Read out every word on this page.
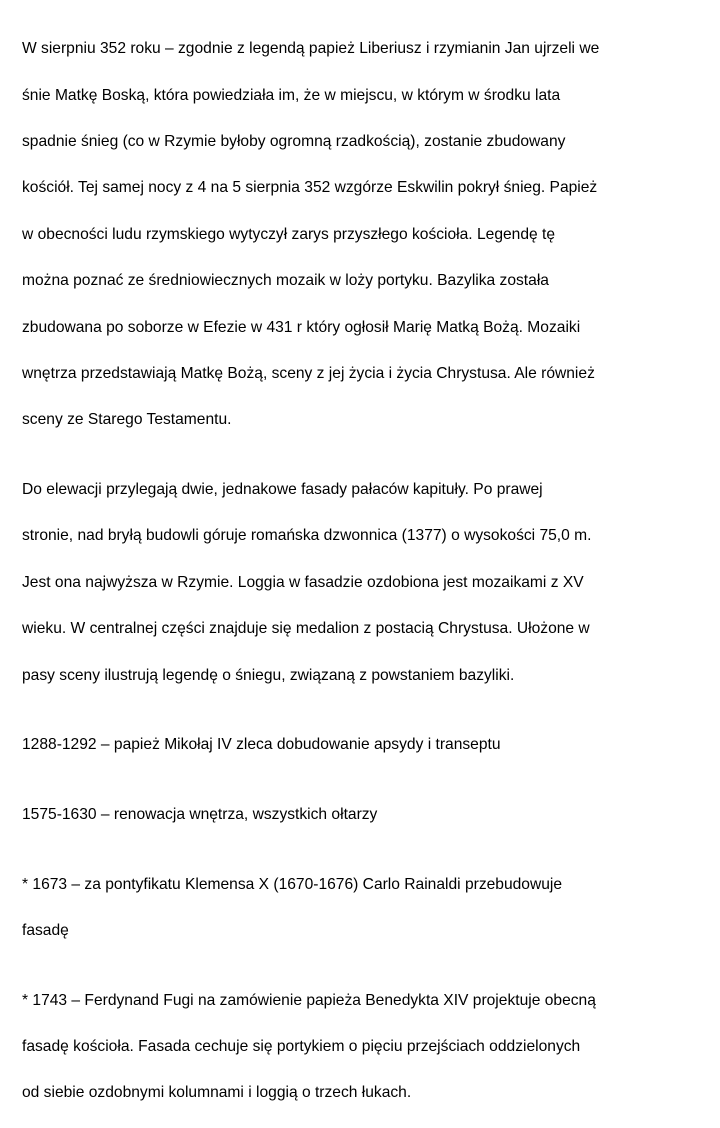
W sierpniu 352 roku – zgodnie z legendą papież Liberiusz i rzymianin Jan ujrzeli we

śnie Matkę Boską, która powiedziała im, że w miejscu, w którym w środku lata

spadnie śnieg (co w Rzymie byłoby ogromną rzadkością), zostanie zbudowany

kościół. Tej samej nocy z 4 na 5 sierpnia 352 wzgórze Eskwilin pokrył śnieg. Papież

w obecności ludu rzymskiego wytyczył zarys przyszłego kościoła. Legendę tę

można poznać ze średniowiecznych mozaik w loży portyku. Bazylika została

zbudowana po soborze w Efezie w 431 r który ogłosił Marię Matką Bożą. Mozaiki

wnętrza przedstawiają Matkę Bożą, sceny z jej życia i życia Chrystusa. Ale również

sceny ze Starego Testamentu.

Do elewacji przylegają dwie, jednakowe fasady pałaców kapituły. Po prawej

stronie, nad bryłą budowli góruje romańska dzwonnica (1377) o wysokości 75,0 m.

Jest ona najwyższa w Rzymie. Loggia w fasadzie ozdobiona jest mozaikami z XV

wieku. W centralnej części znajduje się medalion z postacią Chrystusa. Ułożone w

pasy sceny ilustrują legendę o śniegu, związaną z powstaniem bazyliki.

1288-1292 – papież Mikołaj IV zleca dobudowanie apsydy i transeptu

1575-1630 – renowacja wnętrza, wszystkich ołtarzy

* 1673 – za pontyfikatu Klemensa X (1670-1676) Carlo Rainaldi przebudowuje

fasadę

* 1743 – Ferdynand Fugi na zamówienie papieża Benedykta XIV projektuje obecną

fasadę kościoła. Fasada cechuje się portykiem o pięciu przejściach oddzielonych

od siebie ozdobnymi kolumnami i loggią o trzech łukach.
